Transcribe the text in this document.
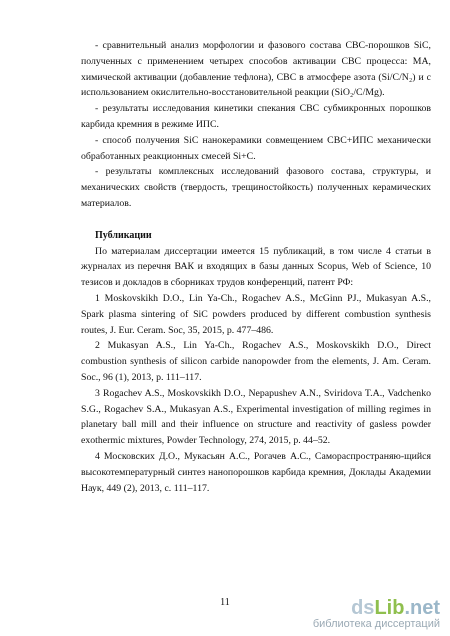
- сравнительный анализ морфологии и фазового состава СВС-порошков SiC, полученных с применением четырех способов активации СВС процесса: МА, химической активации (добавление тефлона), СВС в атмосфере азота (Si/C/N₂) и с использованием окислительно-восстановительной реакции (SiO₂/C/Mg).

- результаты исследования кинетики спекания СВС субмикронных порошков карбида кремния в режиме ИПС.

- способ получения SiC нанокерамики совмещением СВС+ИПС механически обработанных реакционных смесей Si+C.

- результаты комплексных исследований фазового состава, структуры, и механических свойств (твердость, трещиностойкость) полученных керамических материалов.

Публикации

По материалам диссертации имеется 15 публикаций, в том числе 4 статьи в журналах из перечня ВАК и входящих в базы данных Scopus, Web of Science, 10 тезисов и докладов в сборниках трудов конференций, патент РФ:

1 Moskovskikh D.O., Lin Ya-Ch., Rogachev A.S., McGinn PJ., Mukasyan A.S., Spark plasma sintering of SiC powders produced by different combustion synthesis routes, J. Eur. Ceram. Soc, 35, 2015, p. 477–486.

2 Mukasyan A.S., Lin Ya-Ch., Rogachev A.S., Moskovskikh D.O., Direct combustion synthesis of silicon carbide nanopowder from the elements, J. Am. Ceram. Soc., 96 (1), 2013, p. 111–117.

3 Rogachev A.S., Moskovskikh D.O., Nepapushev A.N., Sviridova T.A., Vadchenko S.G., Rogachev S.A., Mukasyan A.S., Experimental investigation of milling regimes in planetary ball mill and their influence on structure and reactivity of gasless powder exothermic mixtures, Powder Technology, 274, 2015, p. 44–52.

4 Московских Д.О., Мукасьян А.С., Рогачев А.С., Самораспространяю-щийся высокотемпературный синтез нанопорошков карбида кремния, Доклады Академии Наук, 449 (2), 2013, с. 111–117.

11	dsLib.net
библиотека диссертаций
